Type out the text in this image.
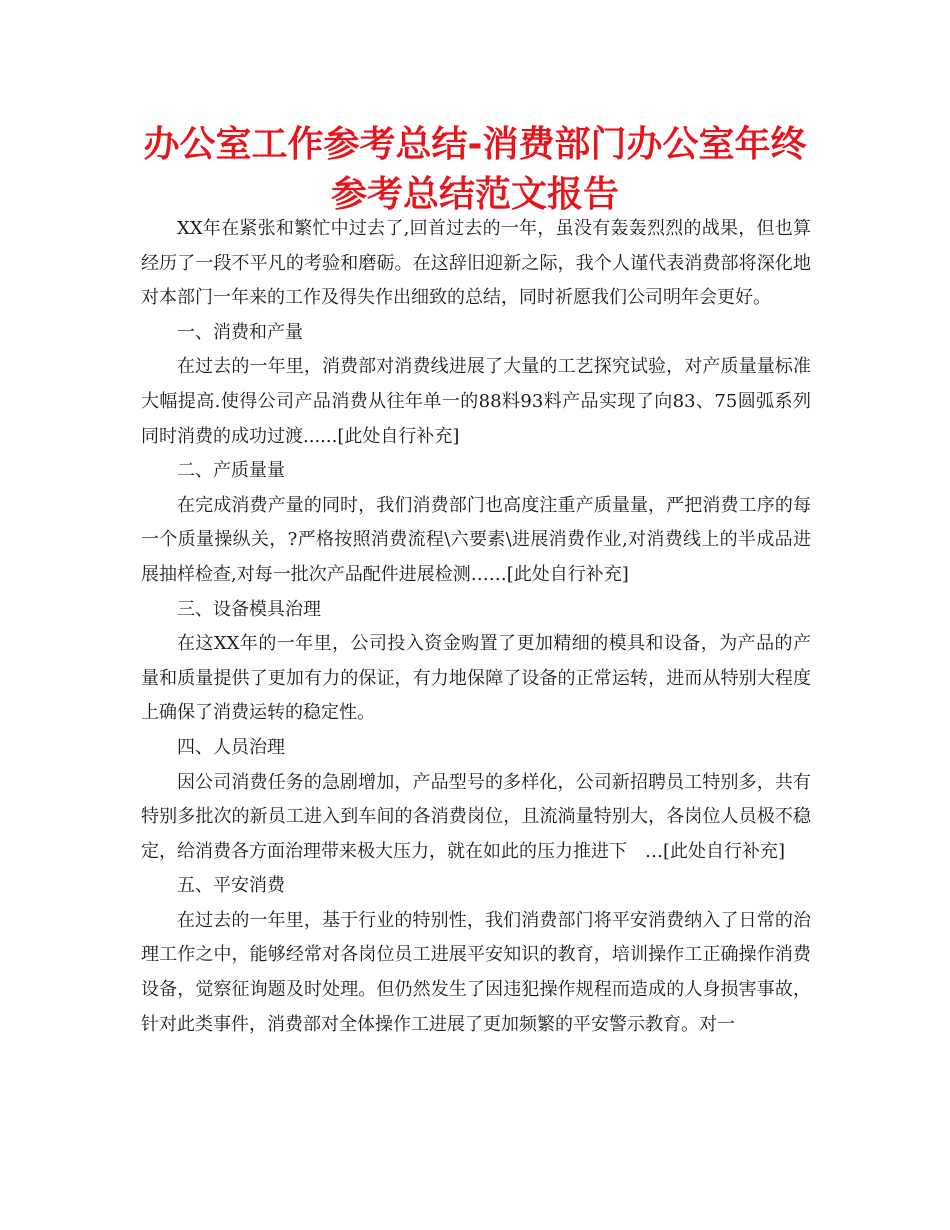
办公室工作参考总结-消费部门办公室年终参考总结范文报告

XX年在紧张和繁忙中过去了,回首过去的一年，虽没有轰轰烈烈的战果，但也算经历了一段不平凡的考验和磨砺。在这辞旧迎新之际，我个人谨代表消费部将深化地对本部门一年来的工作及得失作出细致的总结，同时祈愿我们公司明年会更好。

一、消费和产量

在过去的一年里，消费部对消费线进展了大量的工艺探究试验，对产质量量标准大幅提高.使得公司产品消费从往年单一的88料93料产品实现了向83、75圆弧系列同时消费的成功过渡......[此处自行补充]

二、产质量量

在完成消费产量的同时，我们消费部门也高度注重产质量量，严把消费工序的每一个质量操纵关，?严格按照消费流程\六要素\进展消费作业,对消费线上的半成品进展抽样检查,对每一批次产品配件进展检测……[此处自行补充]

三、设备模具治理

在这XX年的一年里，公司投入资金购置了更加精细的模具和设备，为产品的产量和质量提供了更加有力的保证，有力地保障了设备的正常运转，进而从特别大程度上确保了消费运转的稳定性。

四、人员治理

因公司消费任务的急剧增加，产品型号的多样化，公司新招聘员工特别多，共有特别多批次的新员工进入到车间的各消费岗位，且流淌量特别大，各岗位人员极不稳定，给消费各方面治理带来极大压力，就在如此的压力推进下　…[此处自行补充]

五、平安消费

在过去的一年里，基于行业的特别性，我们消费部门将平安消费纳入了日常的治理工作之中，能够经常对各岗位员工进展平安知识的教育，培训操作工正确操作消费设备，觉察征询题及时处理。但仍然发生了因违犯操作规程而造成的人身损害事故，针对此类事件，消费部对全体操作工进展了更加频繁的平安警示教育。对一
